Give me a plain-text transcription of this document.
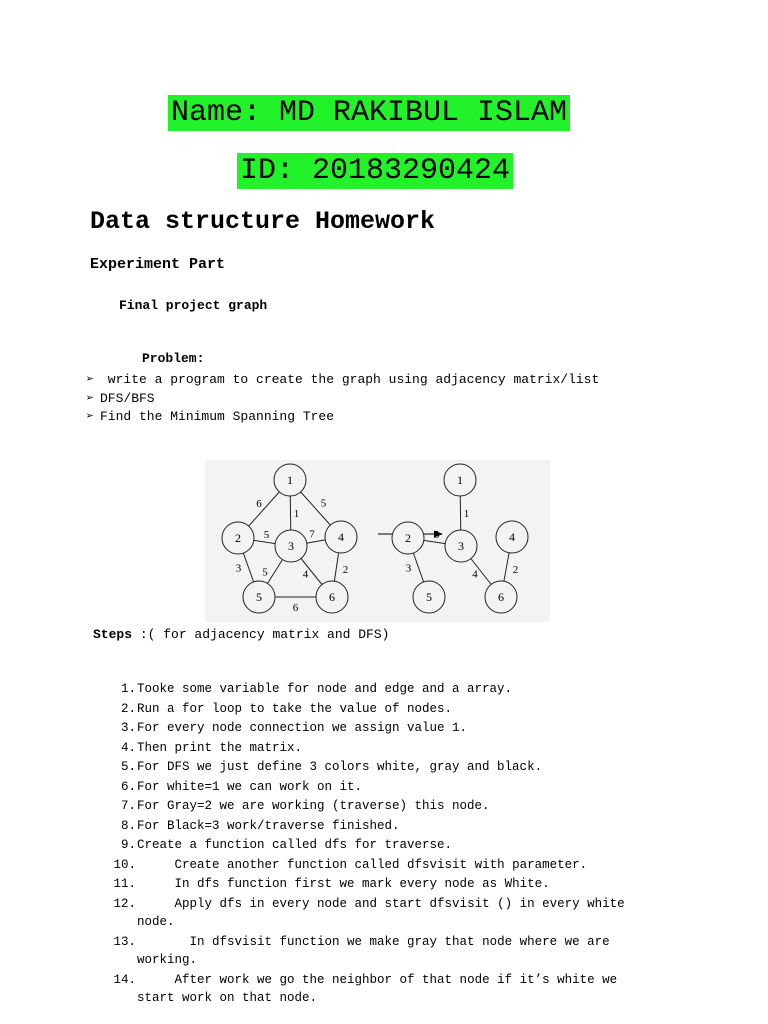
Name: MD RAKIBUL ISLAM
ID: 20183290424
Data structure Homework
Experiment Part
Final project graph
Problem:
➢ write a program to create the graph using adjacency matrix/list
➢ DFS/BFS
➢ Find the Minimum Spanning Tree
1
2
3
4
5	6
6
1
5
5	7
3 5	4	2
6
1
2
3
4
5	6
1
5
3	4	2
Steps :( for adjacency matrix and DFS)
1. Tooke some variable for node and edge and a array.
2. Run a for loop to take the value of nodes.
3. For every node connection we assign value 1.
4. Then print the matrix.
5. For DFS we just define 3 colors white, gray and black.
6. For white=1 we can work on it.
7. For Gray=2 we are working (traverse) this node.
8. For Black=3 work/traverse finished.
9. Create a function called dfs for traverse.
10. Create another function called dfsvisit with parameter.
11. In dfs function first we mark every node as White.
12. Apply dfs in every node and start dfsvisit () in every white node.
13. In dfsvisit function we make gray that node where we are working.
14. After work we go the neighbor of that node if it’s white we start work on that node.
